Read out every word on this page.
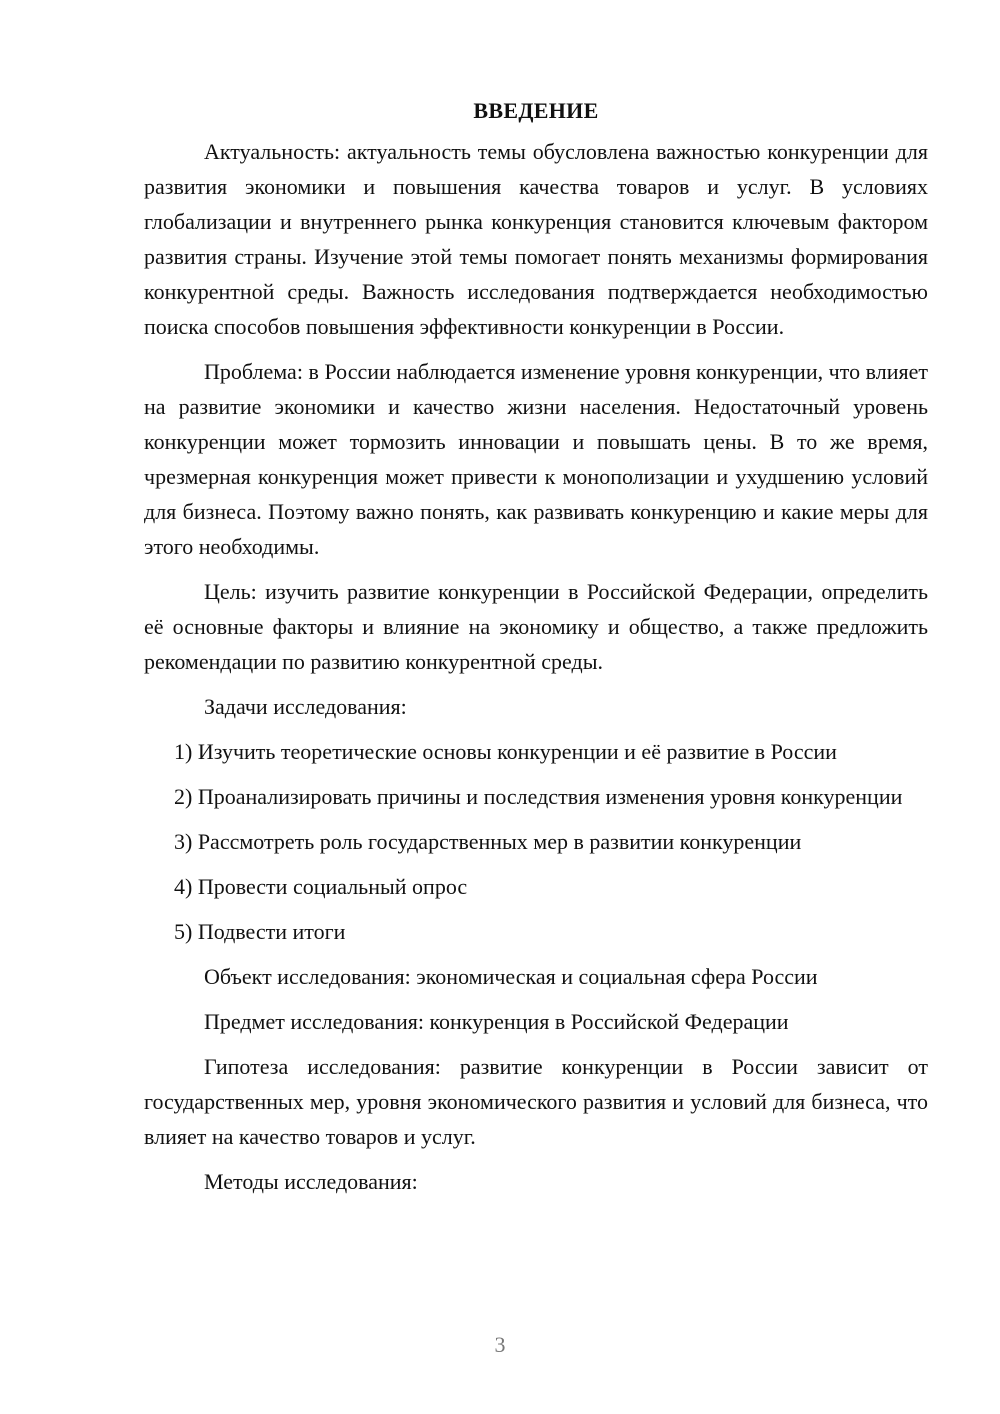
ВВЕДЕНИЕ

Актуальность: актуальность темы обусловлена важностью конкуренции для развития экономики и повышения качества товаров и услуг. В условиях глобализации и внутреннего рынка конкуренция становится ключевым фактором развития страны. Изучение этой темы помогает понять механизмы формирования конкурентной среды. Важность исследования подтверждается необходимостью поиска способов повышения эффективности конкуренции в России.

Проблема: в России наблюдается изменение уровня конкуренции, что влияет на развитие экономики и качество жизни населения. Недостаточный уровень конкуренции может тормозить инновации и повышать цены. В то же время, чрезмерная конкуренция может привести к монополизации и ухудшению условий для бизнеса. Поэтому важно понять, как развивать конкуренцию и какие меры для этого необходимы.

Цель: изучить развитие конкуренции в Российской Федерации, определить её основные факторы и влияние на экономику и общество, а также предложить рекомендации по развитию конкурентной среды.

Задачи исследования:

1) Изучить теоретические основы конкуренции и её развитие в России

2) Проанализировать причины и последствия изменения уровня конкуренции

3) Рассмотреть роль государственных мер в развитии конкуренции

4) Провести социальный опрос

5) Подвести итоги

Объект исследования: экономическая и социальная сфера России

Предмет исследования: конкуренция в Российской Федерации

Гипотеза исследования: развитие конкуренции в России зависит от государственных мер, уровня экономического развития и условий для бизнеса, что влияет на качество товаров и услуг.

Методы исследования:

3
